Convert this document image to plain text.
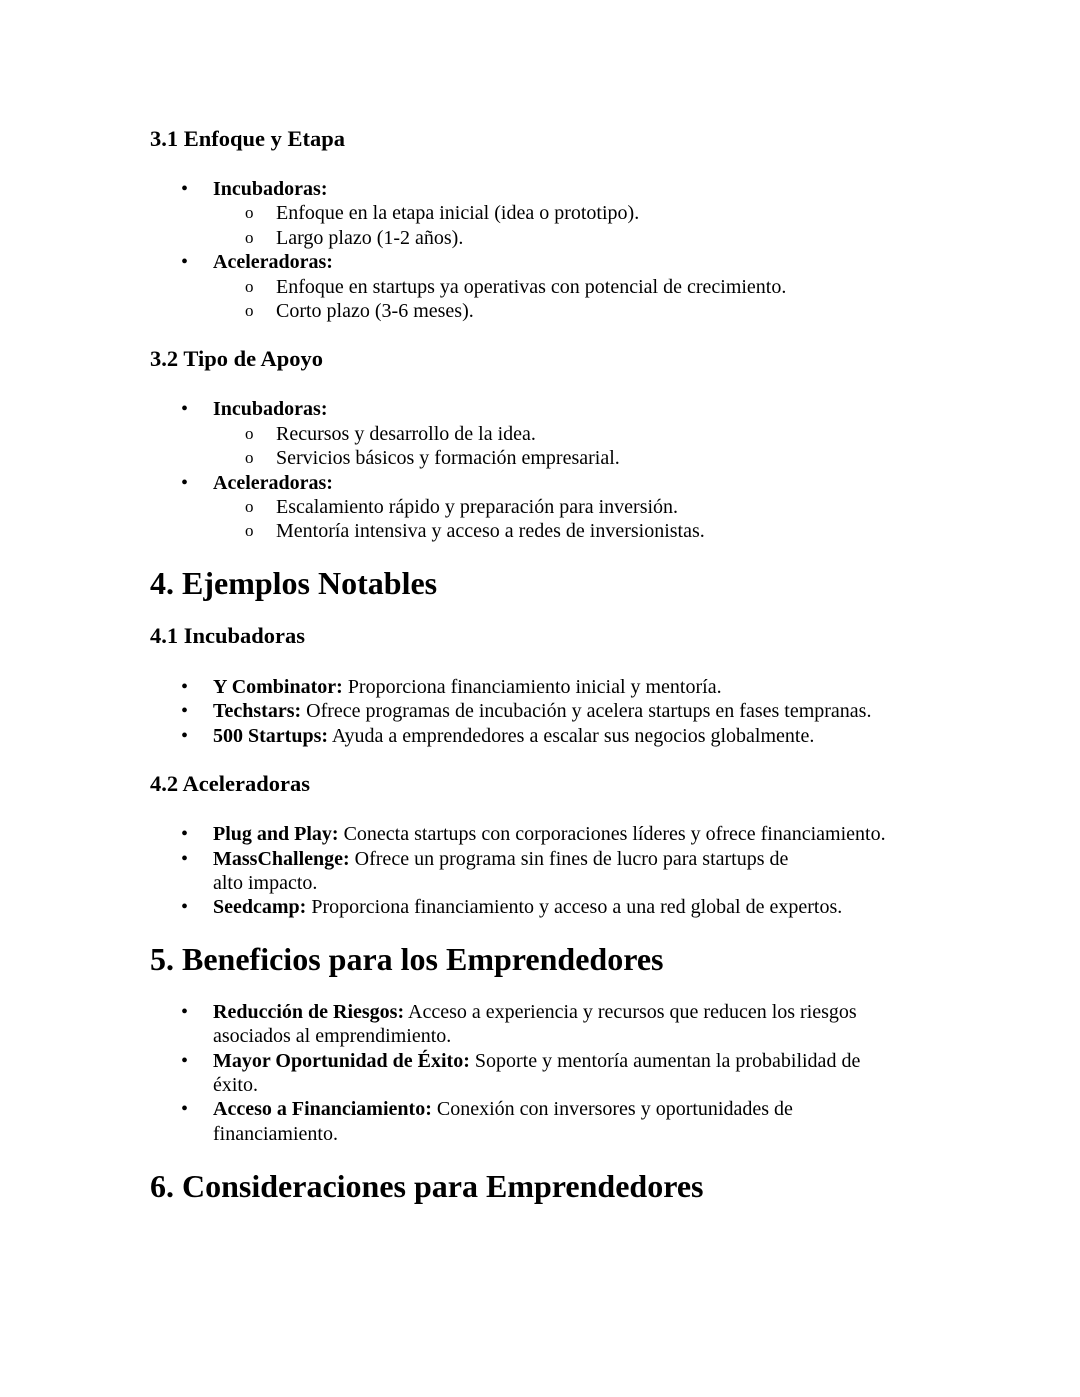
3.1 Enfoque y Etapa
•	Incubadoras:
o Enfoque en la etapa inicial (idea o prototipo).
o Largo plazo (1-2 años).
•	Aceleradoras:
o Enfoque en startups ya operativas con potencial de crecimiento.
o Corto plazo (3-6 meses).
3.2 Tipo de Apoyo
•	Incubadoras:
o Recursos y desarrollo de la idea.
o Servicios básicos y formación empresarial.
•	Aceleradoras:
o Escalamiento rápido y preparación para inversión.
o Mentoría intensiva y acceso a redes de inversionistas.
4. Ejemplos Notables
4.1 Incubadoras
•	Y Combinator: Proporciona financiamiento inicial y mentoría.
•	Techstars: Ofrece programas de incubación y acelera startups en fases tempranas.
•	500 Startups: Ayuda a emprendedores a escalar sus negocios globalmente.
4.2 Aceleradoras
•	Plug and Play: Conecta startups con corporaciones líderes y ofrece financiamiento.
•	MassChallenge: Ofrece un programa sin fines de lucro para startups de alto impacto.
•	Seedcamp: Proporciona financiamiento y acceso a una red global de expertos.
5. Beneficios para los Emprendedores
•	Reducción de Riesgos: Acceso a experiencia y recursos que reducen los riesgos asociados al emprendimiento.
•	Mayor Oportunidad de Éxito: Soporte y mentoría aumentan la probabilidad de éxito.
•	Acceso a Financiamiento: Conexión con inversores y oportunidades de financiamiento.
6. Consideraciones para Emprendedores
